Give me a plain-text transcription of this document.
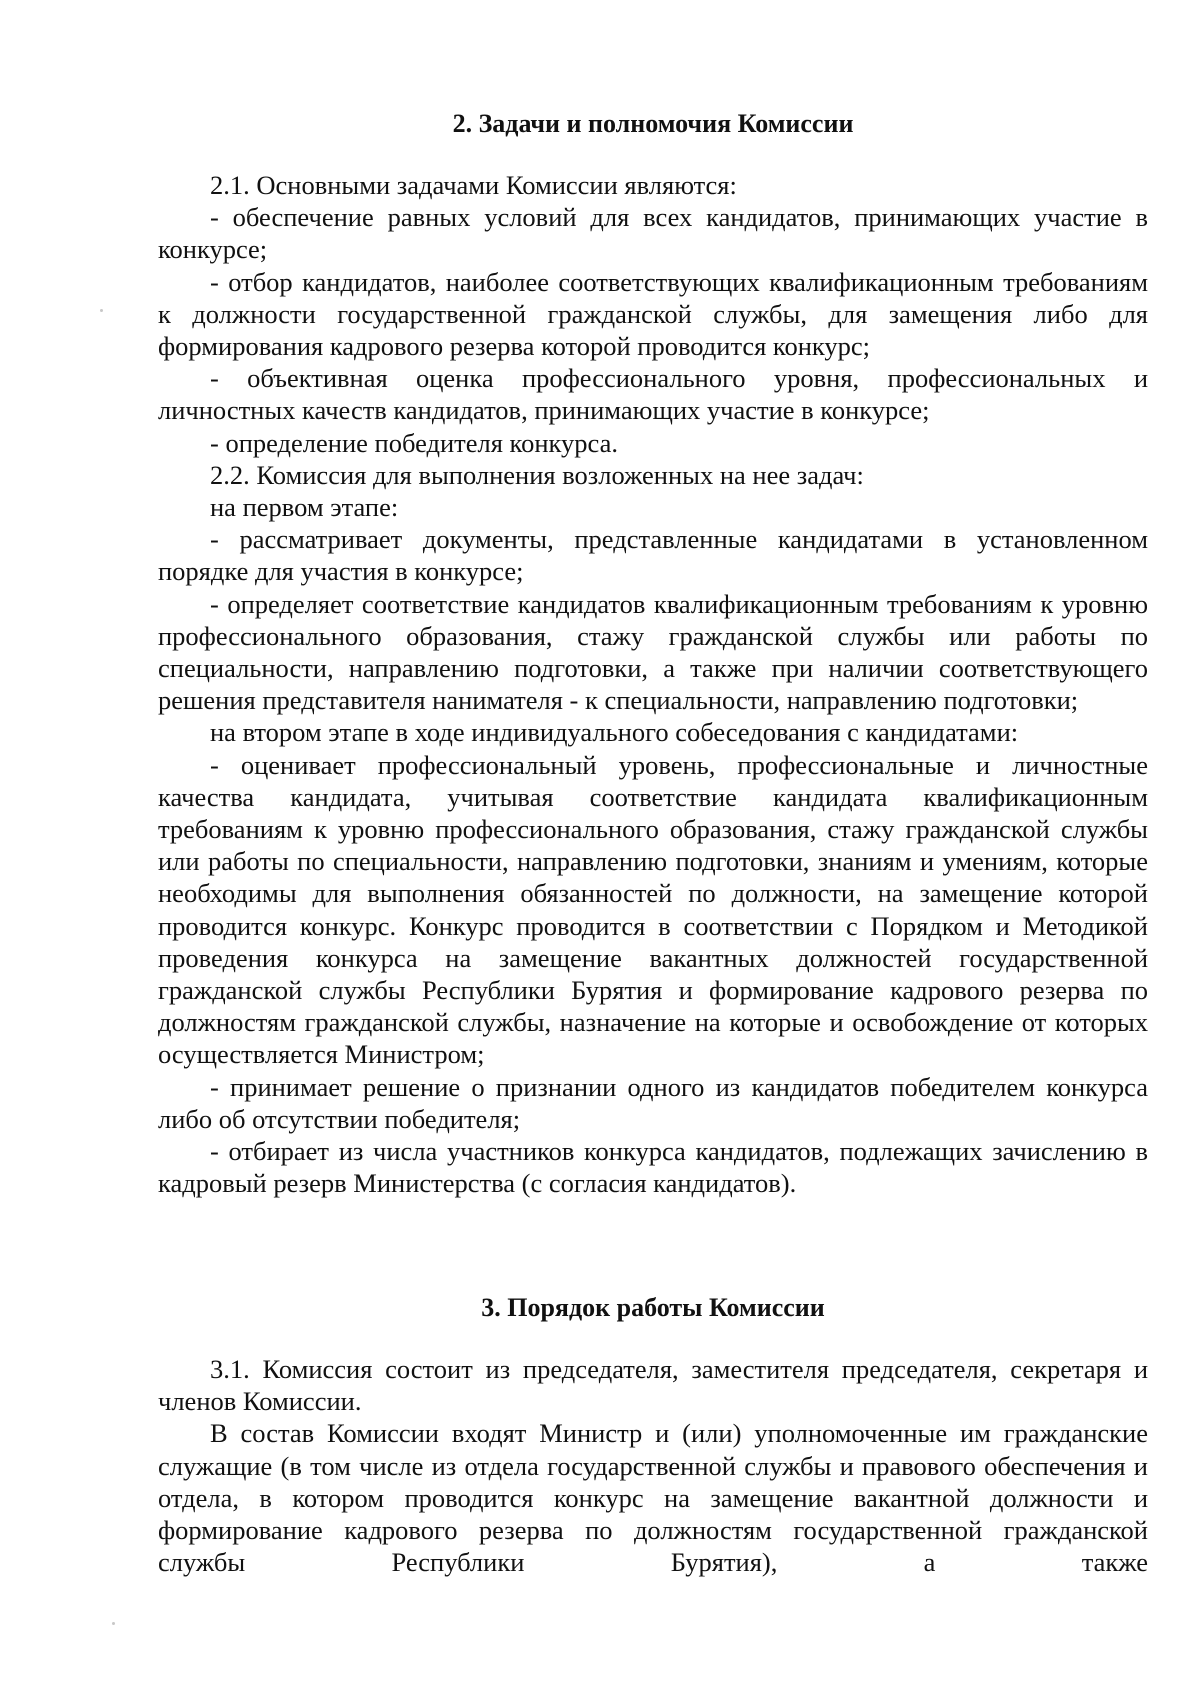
2. Задачи и полномочия Комиссии

2.1. Основными задачами Комиссии являются:

- обеспечение равных условий для всех кандидатов, принимающих участие в конкурсе;

- отбор кандидатов, наиболее соответствующих квалификационным требованиям к должности государственной гражданской службы, для замещения либо для формирования кадрового резерва которой проводится конкурс;

- объективная оценка профессионального уровня, профессиональных и личностных качеств кандидатов, принимающих участие в конкурсе;

- определение победителя конкурса.

2.2. Комиссия для выполнения возложенных на нее задач:

на первом этапе:

- рассматривает документы, представленные кандидатами в установленном порядке для участия в конкурсе;

- определяет соответствие кандидатов квалификационным требованиям к уровню профессионального образования, стажу гражданской службы или работы по специальности, направлению подготовки, а также при наличии соответствующего решения представителя нанимателя - к специальности, направлению подготовки;

на втором этапе в ходе индивидуального собеседования с кандидатами:

- оценивает профессиональный уровень, профессиональные и личностные качества кандидата, учитывая соответствие кандидата квалификационным требованиям к уровню профессионального образования, стажу гражданской службы или работы по специальности, направлению подготовки, знаниям и умениям, которые необходимы для выполнения обязанностей по должности, на замещение которой проводится конкурс. Конкурс проводится в соответствии с Порядком и Методикой проведения конкурса на замещение вакантных должностей государственной гражданской службы Республики Бурятия и формирование кадрового резерва по должностям гражданской службы, назначение на которые и освобождение от которых осуществляется Министром;

- принимает решение о признании одного из кандидатов победителем конкурса либо об отсутствии победителя;

- отбирает из числа участников конкурса кандидатов, подлежащих зачислению в кадровый резерв Министерства (с согласия кандидатов).

3. Порядок работы Комиссии

3.1. Комиссия состоит из председателя, заместителя председателя, секретаря и членов Комиссии.

В состав Комиссии входят Министр и (или) уполномоченные им гражданские служащие (в том числе из отдела государственной службы и правового обеспечения и отдела, в котором проводится конкурс на замещение вакантной должности и формирование кадрового резерва по должностям государственной гражданской службы Республики Бурятия), а также
